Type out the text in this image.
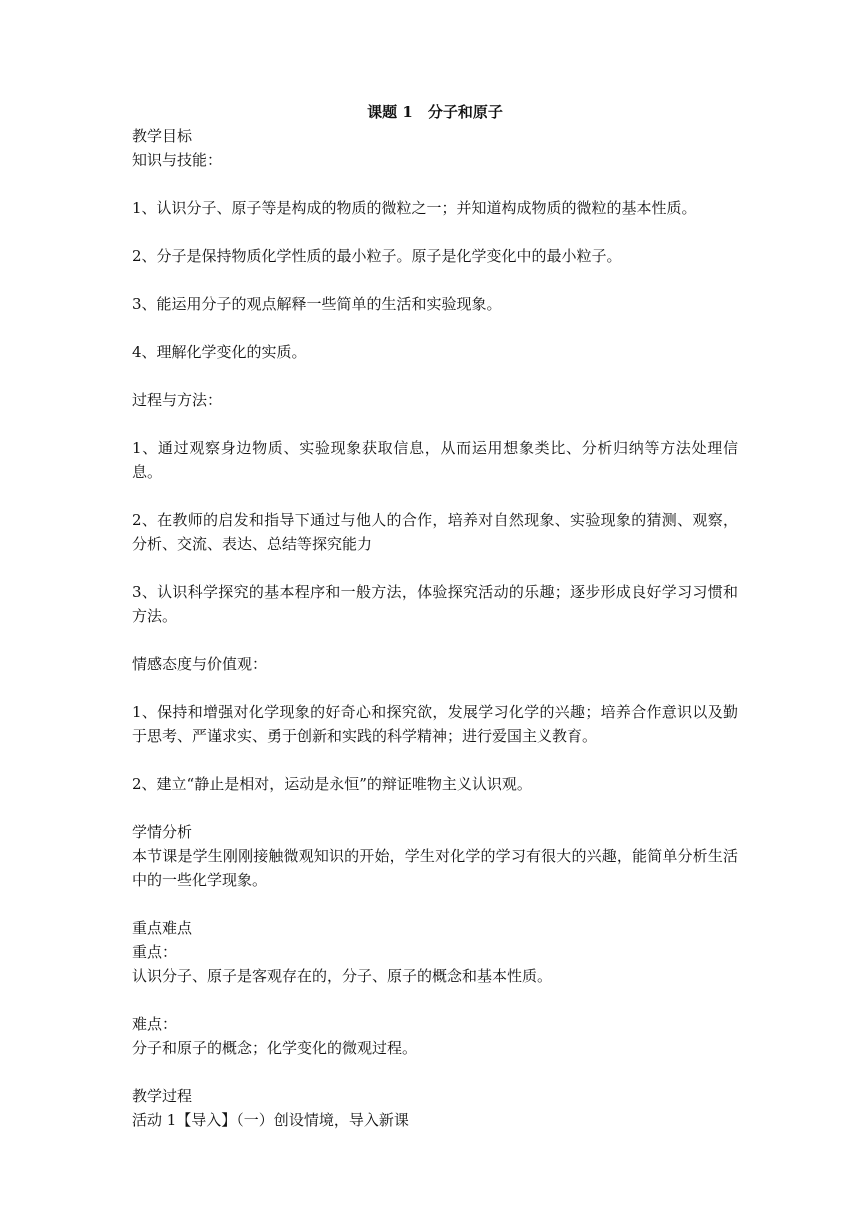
课题 1　分子和原子

教学目标

知识与技能：

1、认识分子、原子等是构成的物质的微粒之一；并知道构成物质的微粒的基本性质。

2、分子是保持物质化学性质的最小粒子。原子是化学变化中的最小粒子。

3、能运用分子的观点解释一些简单的生活和实验现象。

4、理解化学变化的实质。

过程与方法：

1、通过观察身边物质、实验现象获取信息，从而运用想象类比、分析归纳等方法处理信息。

2、在教师的启发和指导下通过与他人的合作，培养对自然现象、实验现象的猜测、观察，分析、交流、表达、总结等探究能力

3、认识科学探究的基本程序和一般方法，体验探究活动的乐趣；逐步形成良好学习习惯和方法。

情感态度与价值观：

1、保持和增强对化学现象的好奇心和探究欲，发展学习化学的兴趣；培养合作意识以及勤于思考、严谨求实、勇于创新和实践的科学精神；进行爱国主义教育。

2、建立“静止是相对，运动是永恒”的辩证唯物主义认识观。

学情分析

本节课是学生刚刚接触微观知识的开始，学生对化学的学习有很大的兴趣，能简单分析生活中的一些化学现象。

重点难点

重点：

认识分子、原子是客观存在的，分子、原子的概念和基本性质。

难点：

分子和原子的概念；化学变化的微观过程。

教学过程

活动 1【导入】（一）创设情境，导入新课
